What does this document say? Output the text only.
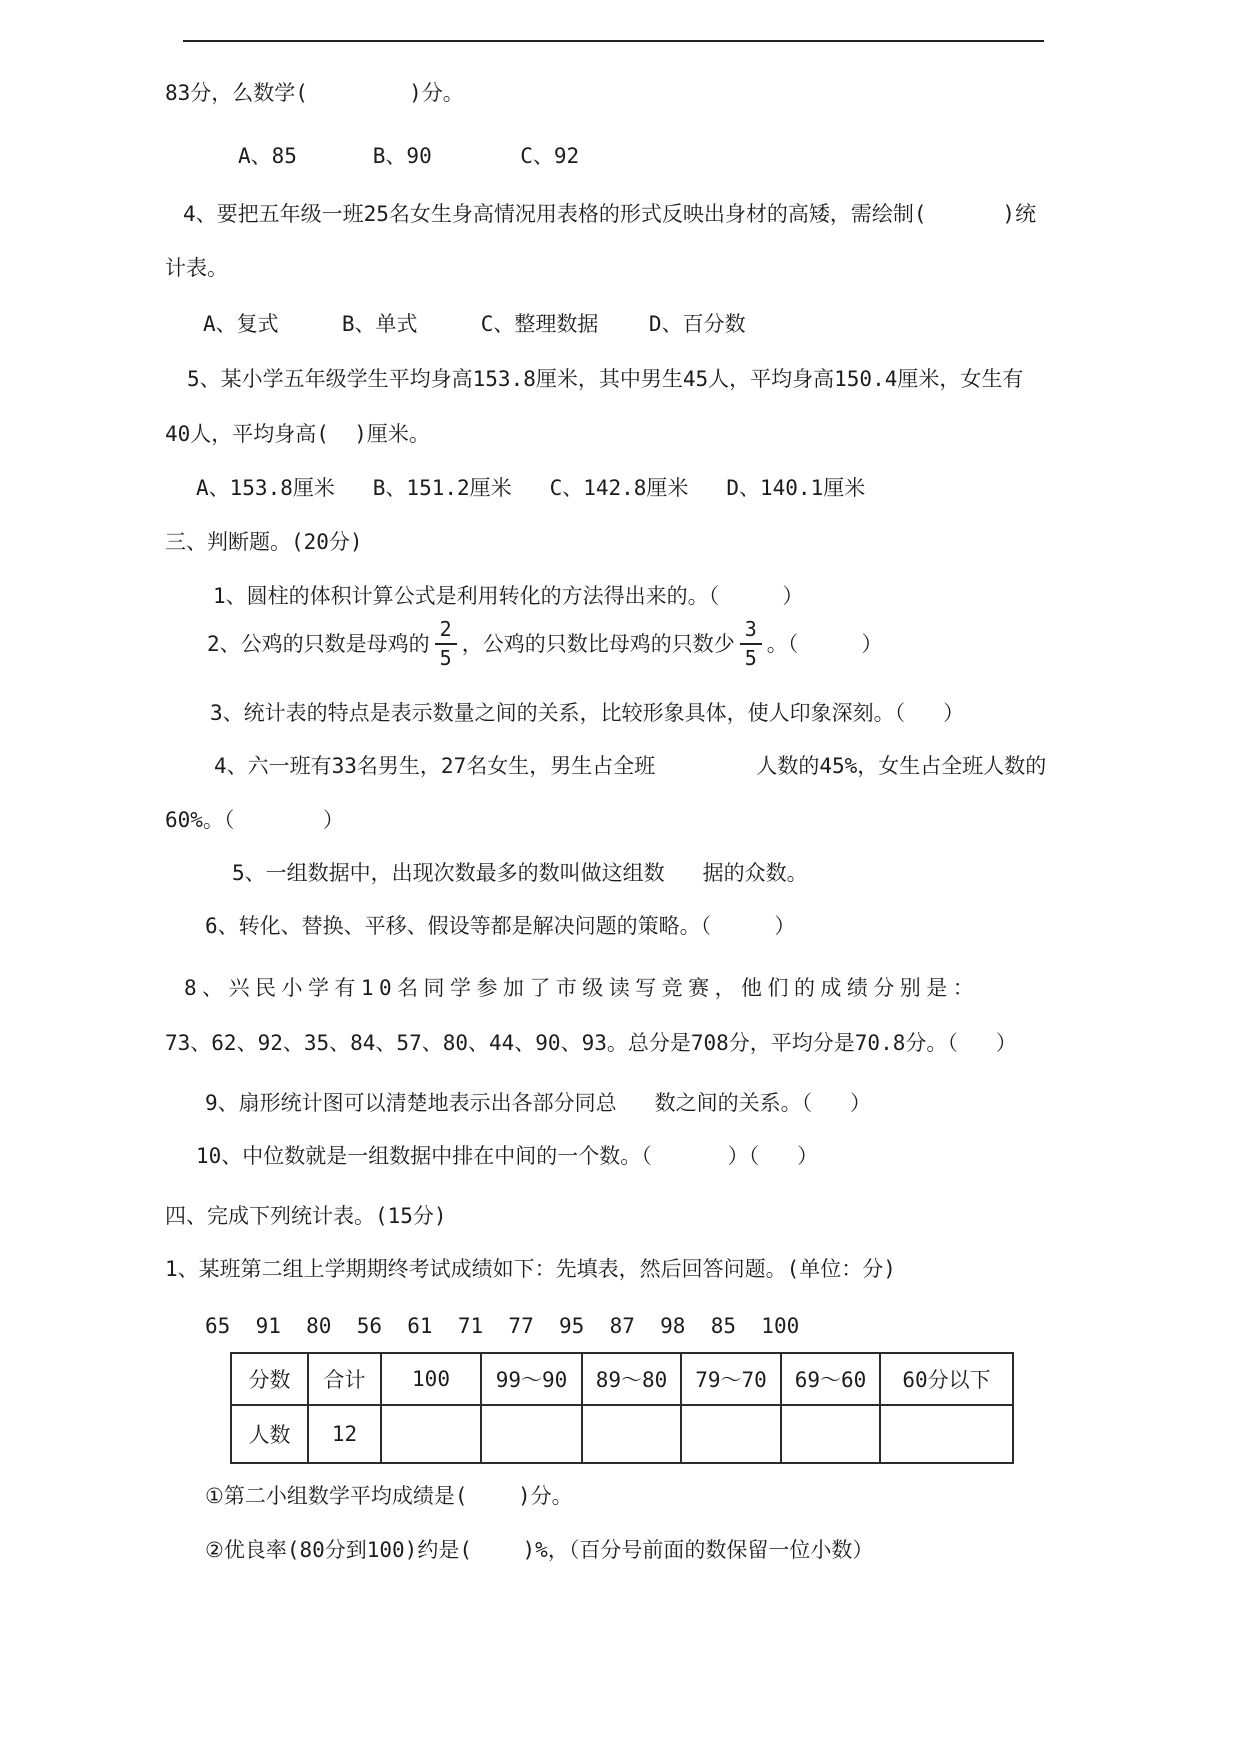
83分，么数学(        )分。
A、85      B、90       C、92
4、要把五年级一班25名女生身高情况用表格的形式反映出身材的高矮，需绘制(      )统
计表。
A、复式     B、单式     C、整理数据    D、百分数
5、某小学五年级学生平均身高153.8厘米，其中男生45人，平均身高150.4厘米，女生有
40人，平均身高(  )厘米。
A、153.8厘米   B、151.2厘米   C、142.8厘米   D、140.1厘米
三、判断题。(20分)
1、圆柱的体积计算公式是利用转化的方法得出来的。（     ）
2、公鸡的只数是母鸡的 $\frac{2}{5}$ ，公鸡的只数比母鸡的只数少 $\frac{3}{5}$ 。（     ）
3、统计表的特点是表示数量之间的关系，比较形象具体，使人印象深刻。（   ）
4、六一班有33名男生，27名女生，男生占全班        人数的45%，女生占全班人数的
60%。（       ）
5、一组数据中，出现次数最多的数叫做这组数   据的众数。
6、转化、替换、平移、假设等都是解决问题的策略。（     ）
8、兴民小学有10名同学参加了市级读写竞赛，他们的成绩分别是：
73、62、92、35、84、57、80、44、90、93。总分是708分，平均分是70.8分。（   ）
9、扇形统计图可以清楚地表示出各部分同总   数之间的关系。（   ）
10、中位数就是一组数据中排在中间的一个数。（      ）（   ）
四、完成下列统计表。(15分)
1、某班第二组上学期期终考试成绩如下：先填表，然后回答问题。(单位：分)
65  91  80  56  61  71  77  95  87  98  85  100
分数	合计	100	99～90	89～80	79～70	69～60	60分以下
人数	12						
①第二小组数学平均成绩是(    )分。
②优良率(80分到100)约是(    )%，（百分号前面的数保留一位小数）
